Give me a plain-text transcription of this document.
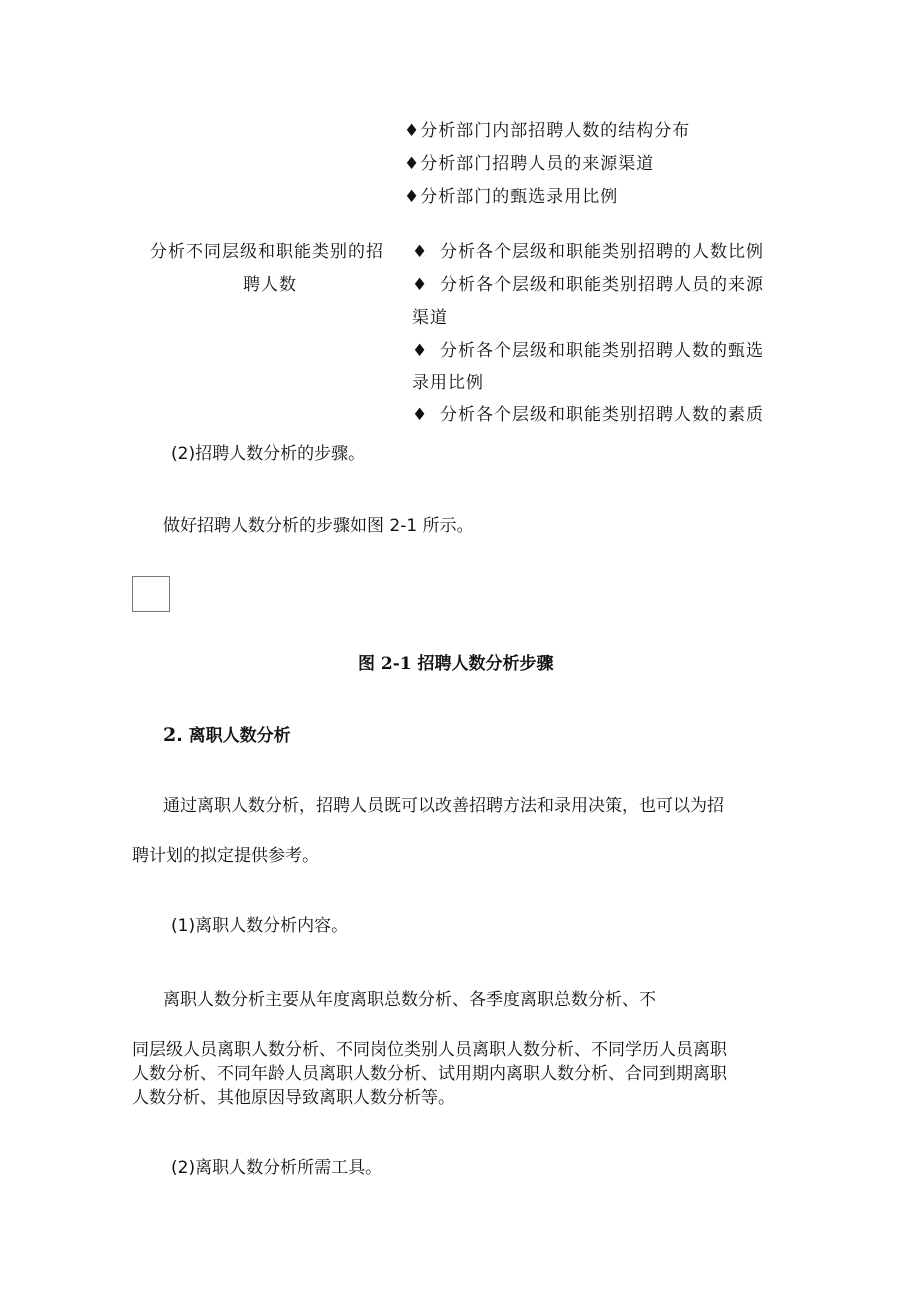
♦分析部门内部招聘人数的结构分布
♦分析部门招聘人员的来源渠道
♦分析部门的甄选录用比例
分析不同层级和职能类别的招
聘人数
♦ 分析各个层级和职能类别招聘的人数比例
♦ 分析各个层级和职能类别招聘人员的来源
渠道
♦ 分析各个层级和职能类别招聘人数的甄选
录用比例
♦ 分析各个层级和职能类别招聘人数的素质
(2)招聘人数分析的步骤。
做好招聘人数分析的步骤如图 2-1 所示。
图 2-1 招聘人数分析步骤
2. 离职人数分析
通过离职人数分析，招聘人员既可以改善招聘方法和录用决策，也可以为招
聘计划的拟定提供参考。
(1)离职人数分析内容。
离职人数分析主要从年度离职总数分析、各季度离职总数分析、不
同层级人员离职人数分析、不同岗位类别人员离职人数分析、不同学历人员离职
人数分析、不同年龄人员离职人数分析、试用期内离职人数分析、合同到期离职
人数分析、其他原因导致离职人数分析等。
(2)离职人数分析所需工具。
